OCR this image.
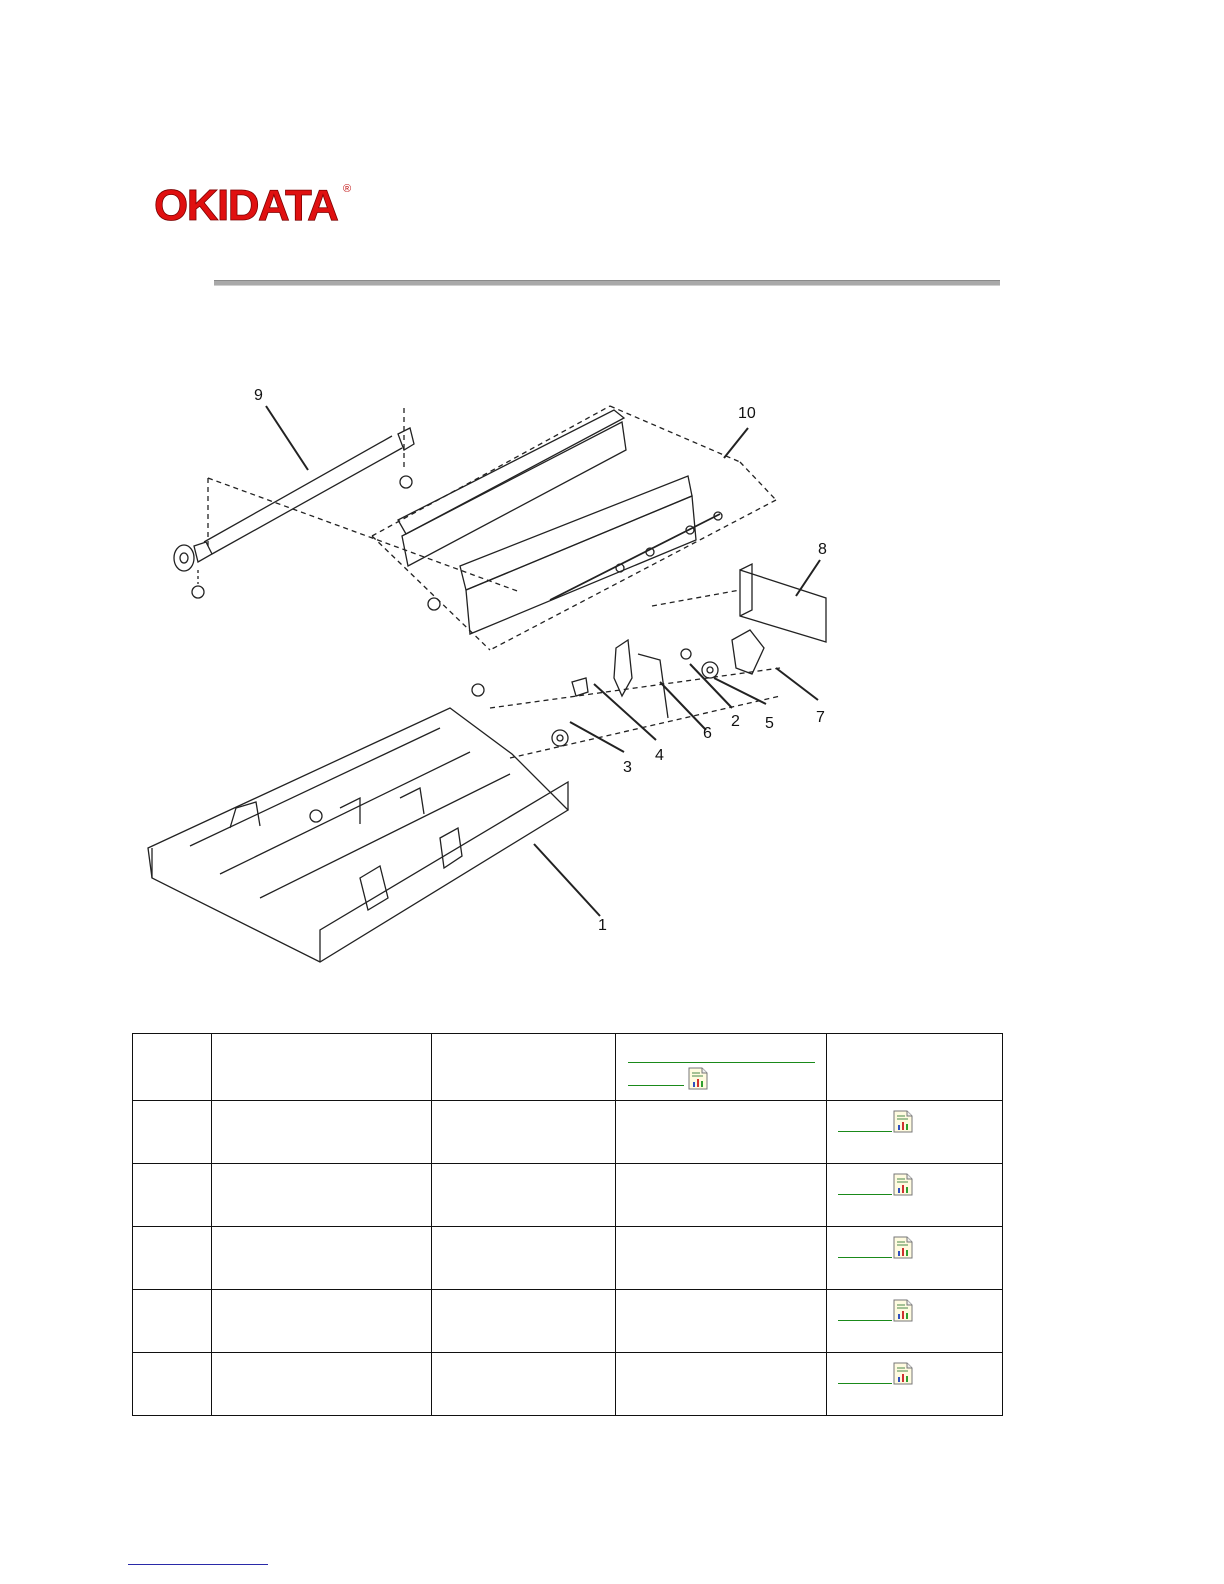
OKIDATA ®
9
10
8
1
3
4
6
2 5	7
